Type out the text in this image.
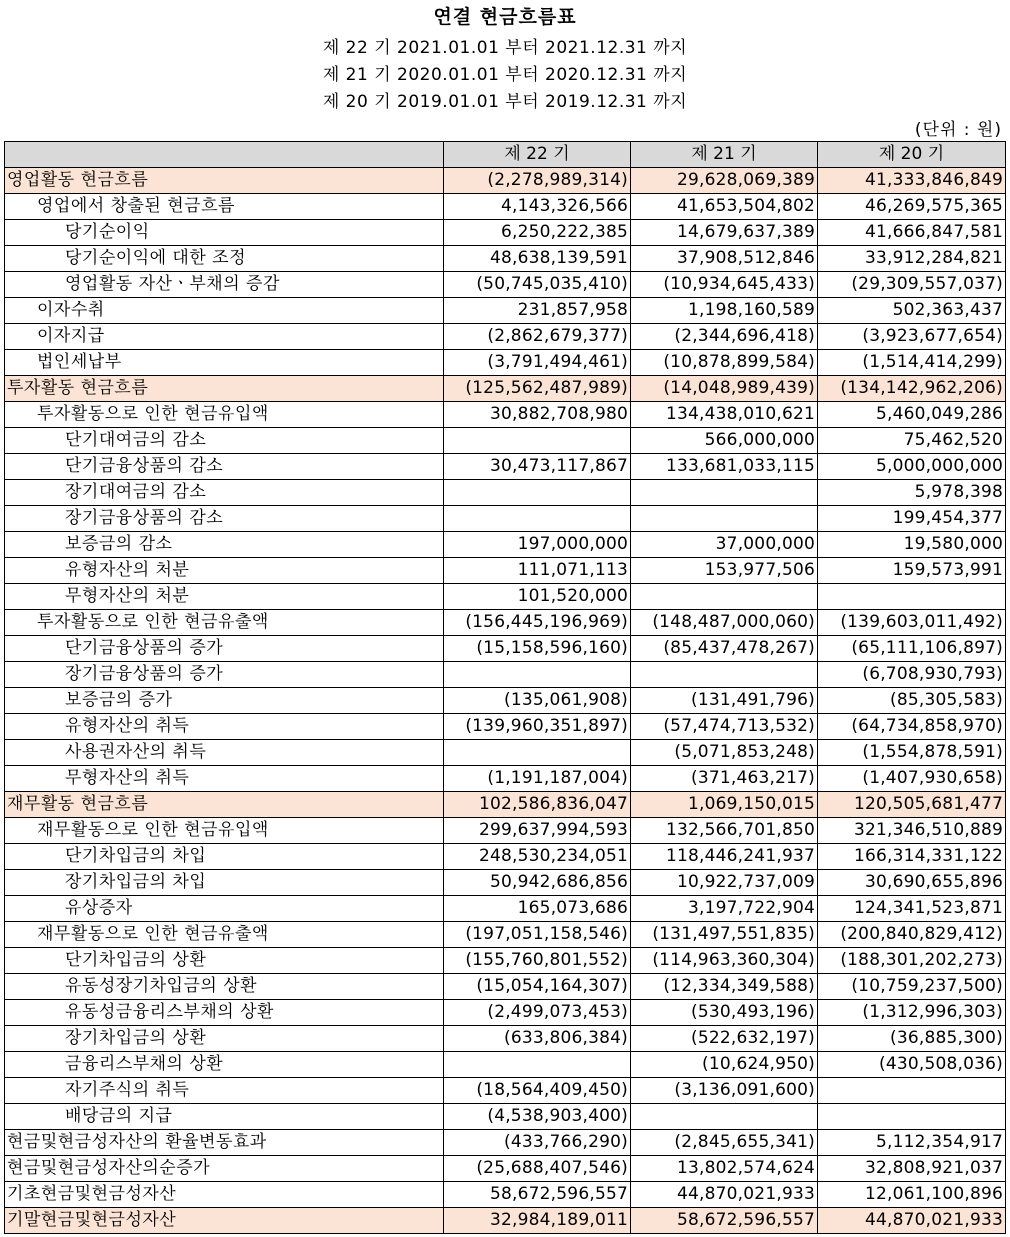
연결 현금흐름표
제 22 기 2021.01.01 부터 2021.12.31 까지
제 21 기 2020.01.01 부터 2020.12.31 까지
제 20 기 2019.01.01 부터 2019.12.31 까지
(단위 : 원)
	제 22 기	제 21 기	제 20 기
영업활동 현금흐름	(2,278,989,314)	29,628,069,389	41,333,846,849
영업에서 창출된 현금흐름	4,143,326,566	41,653,504,802	46,269,575,365
당기순이익	6,250,222,385	14,679,637,389	41,666,847,581
당기순이익에 대한 조정	48,638,139,591	37,908,512,846	33,912,284,821
영업활동 자산ㆍ부채의 증감	(50,745,035,410)	(10,934,645,433)	(29,309,557,037)
이자수취	231,857,958	1,198,160,589	502,363,437
이자지급	(2,862,679,377)	(2,344,696,418)	(3,923,677,654)
법인세납부	(3,791,494,461)	(10,878,899,584)	(1,514,414,299)
투자활동 현금흐름	(125,562,487,989)	(14,048,989,439)	(134,142,962,206)
투자활동으로 인한 현금유입액	30,882,708,980	134,438,010,621	5,460,049,286
단기대여금의 감소		566,000,000	75,462,520
단기금융상품의 감소	30,473,117,867	133,681,033,115	5,000,000,000
장기대여금의 감소			5,978,398
장기금융상품의 감소			199,454,377
보증금의 감소	197,000,000	37,000,000	19,580,000
유형자산의 처분	111,071,113	153,977,506	159,573,991
무형자산의 처분	101,520,000		
투자활동으로 인한 현금유출액	(156,445,196,969)	(148,487,000,060)	(139,603,011,492)
단기금융상품의 증가	(15,158,596,160)	(85,437,478,267)	(65,111,106,897)
장기금융상품의 증가			(6,708,930,793)
보증금의 증가	(135,061,908)	(131,491,796)	(85,305,583)
유형자산의 취득	(139,960,351,897)	(57,474,713,532)	(64,734,858,970)
사용권자산의 취득		(5,071,853,248)	(1,554,878,591)
무형자산의 취득	(1,191,187,004)	(371,463,217)	(1,407,930,658)
재무활동 현금흐름	102,586,836,047	1,069,150,015	120,505,681,477
재무활동으로 인한 현금유입액	299,637,994,593	132,566,701,850	321,346,510,889
단기차입금의 차입	248,530,234,051	118,446,241,937	166,314,331,122
장기차입금의 차입	50,942,686,856	10,922,737,009	30,690,655,896
유상증자	165,073,686	3,197,722,904	124,341,523,871
재무활동으로 인한 현금유출액	(197,051,158,546)	(131,497,551,835)	(200,840,829,412)
단기차입금의 상환	(155,760,801,552)	(114,963,360,304)	(188,301,202,273)
유동성장기차입금의 상환	(15,054,164,307)	(12,334,349,588)	(10,759,237,500)
유동성금융리스부채의 상환	(2,499,073,453)	(530,493,196)	(1,312,996,303)
장기차입금의 상환	(633,806,384)	(522,632,197)	(36,885,300)
금융리스부채의 상환		(10,624,950)	(430,508,036)
자기주식의 취득	(18,564,409,450)	(3,136,091,600)	
배당금의 지급	(4,538,903,400)		
현금및현금성자산의 환율변동효과	(433,766,290)	(2,845,655,341)	5,112,354,917
현금및현금성자산의순증가	(25,688,407,546)	13,802,574,624	32,808,921,037
기초현금및현금성자산	58,672,596,557	44,870,021,933	12,061,100,896
기말현금및현금성자산	32,984,189,011	58,672,596,557	44,870,021,933
